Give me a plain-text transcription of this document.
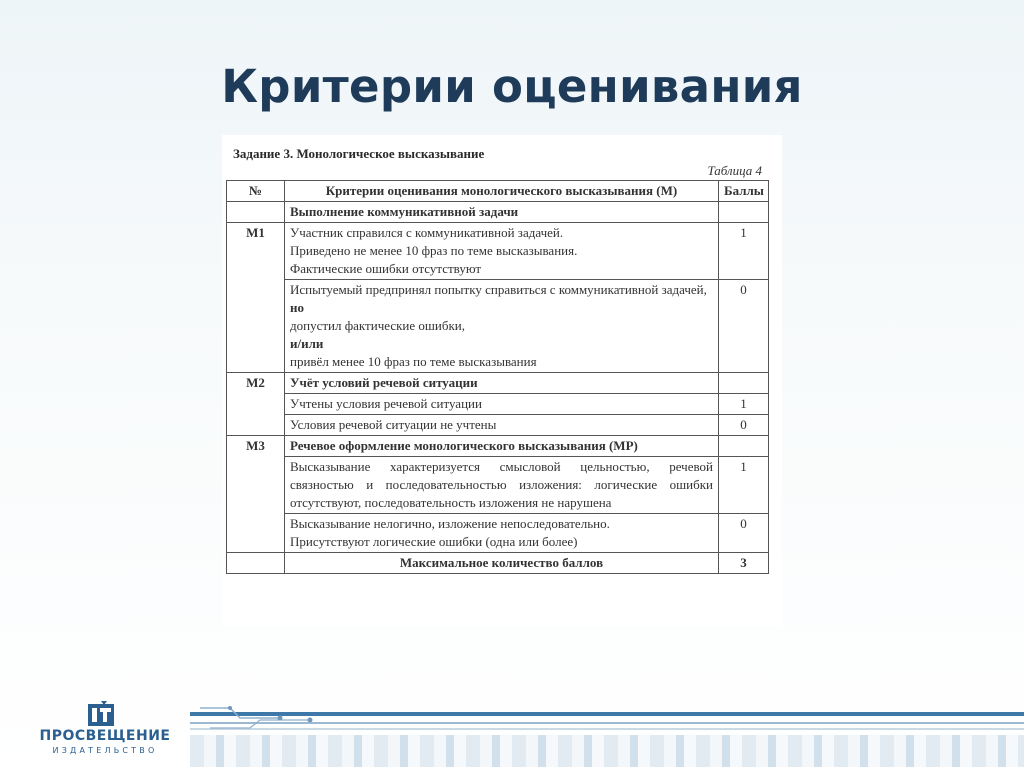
Критерии оценивания
Задание 3. Монологическое высказывание
Таблица 4
№	Критерии оценивания монологического высказывания (М)	Баллы
	Выполнение коммуникативной задачи	
М1	Участник справился с коммуникативной задачей.
Приведено не менее 10 фраз по теме высказывания.
Фактические ошибки отсутствуют	1

	Испытуемый предпринял попытку справиться с коммуникативной задачей,
но
допустил фактические ошибки,
и/или
привёл менее 10 фраз по теме высказывания	0
М2	Учёт условий речевой ситуации	
	Учтены условия речевой ситуации	1
	Условия речевой ситуации не учтены	0
М3	Речевое оформление монологического высказывания (МР)	
	Высказывание характеризуется смысловой цельностью, речевой связностью и последовательностью изложения: логические ошибки отсутствуют, последовательность изложения не нарушена	1

	Высказывание нелогично, изложение непоследовательно.
Присутствуют логические ошибки (одна или более)	0
	Максимальное количество баллов	3
ПРОСВЕЩЕНИЕ
ИЗДАТЕЛЬСТВО
